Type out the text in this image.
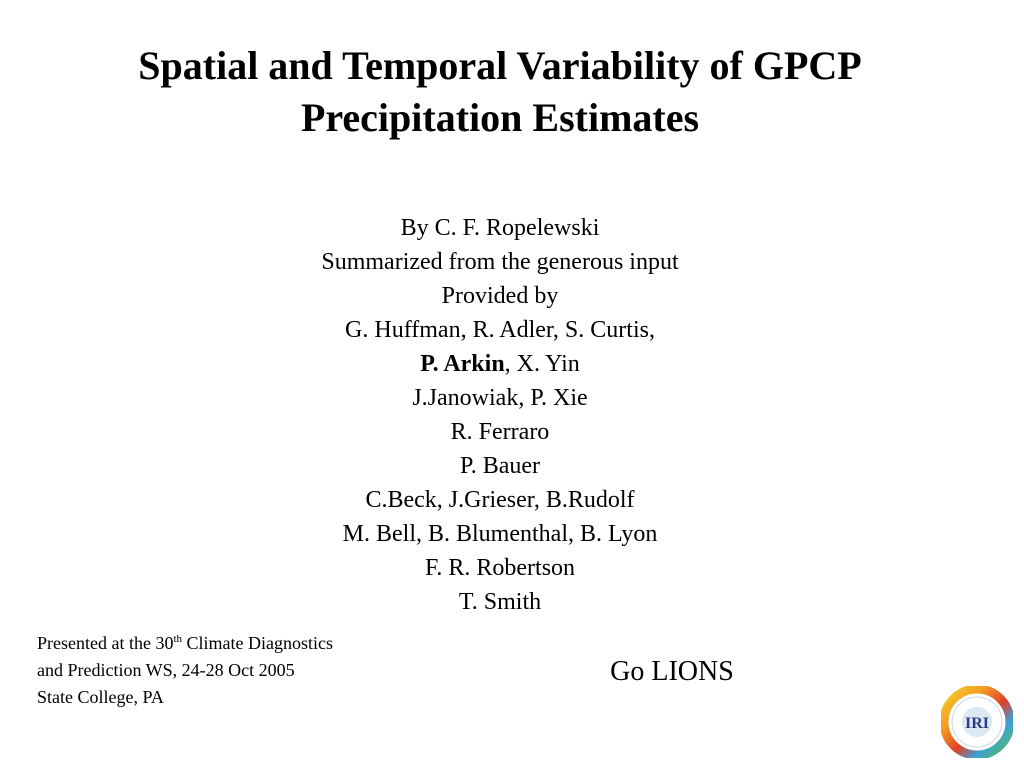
Spatial and Temporal Variability of GPCP
Precipitation Estimates
By C. F. Ropelewski
Summarized from the generous input
Provided by
G. Huffman, R. Adler, S. Curtis,
P. Arkin, X. Yin
J.Janowiak, P. Xie
R. Ferraro
P. Bauer
C.Beck, J.Grieser, B.Rudolf
M. Bell, B. Blumenthal, B. Lyon
F. R. Robertson
T. Smith
Presented at the 30th Climate Diagnostics
and Prediction WS, 24-28 Oct 2005
State College, PA
Go LIONS
IRI
